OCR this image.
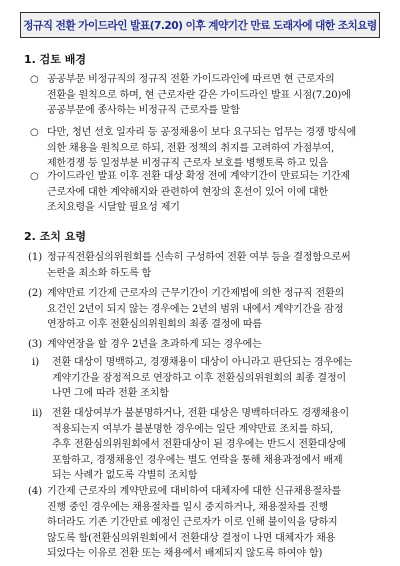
정규직 전환 가이드라인 발표(7.20) 이후 계약기간 만료 도래자에 대한 조치요령
1. 검토 배경
○ 공공부문 비정규직의 정규직 전환 가이드라인에 따르면 현 근로자의
전환을 원칙으로 하며, 현 근로자란 같은 가이드라인 발표 시점(7.20)에
공공부문에 종사하는 비정규직 근로자를 말함
○ 다만, 청년 선호 일자리 등 공정채용이 보다 요구되는 업무는 경쟁 방식에
의한 채용을 원칙으로 하되, 전환 정책의 취지를 고려하여 가점부여,
제한경쟁 등 일정부분 비정규직 근로자 보호를 병행토록 하고 있음
○ 가이드라인 발표 이후 전환 대상 확정 전에 계약기간이 만료되는 기간제
근로자에 대한 계약해지와 관련하여 현장의 혼선이 있어 이에 대한
조치요령을 시달할 필요성 제기
2. 조치 요령
(1) 정규직전환심의위원회를 신속히 구성하여 전환 여부 등을 결정함으로써
논란을 최소화 하도록 함
(2) 계약만료 기간제 근로자의 근무기간이 기간제법에 의한 정규직 전환의
요건인 2년이 되지 않는 경우에는 2년의 범위 내에서 계약기간을 잠정
연장하고 이후 전환심의위원회의 최종 결정에 따름
(3) 계약연장을 할 경우 2년을 초과하게 되는 경우에는
ⅰ) 전환 대상이 명백하고, 경쟁채용이 대상이 아니라고 판단되는 경우에는
계약기간을 잠정적으로 연장하고 이후 전환심의위원회의 최종 결정이
나면 그에 따라 전환 조치함
ⅱ) 전환 대상여부가 불분명하거나, 전환 대상은 명백하더라도 경쟁채용이
적용되는지 여부가 불분명한 경우에는 일단 계약만료 조치를 하되,
추후 전환심의위원회에서 전환대상이 된 경우에는 반드시 전환대상에
포함하고, 경쟁채용인 경우에는 별도 연락을 통해 채용과정에서 배제
되는 사례가 없도록 각별히 조치함
(4) 기간제 근로자의 계약만료에 대비하여 대체자에 대한 신규채용절차를
진행 중인 경우에는 채용절차를 일시 중지하거나, 채용절차를 진행
하더라도 기존 기간만료 예정인 근로자가 이로 인해 불이익을 당하지
않도록 함(전환심의위원회에서 전환대상 결정이 나면 대체자가 채용
되었다는 이유로 전환 또는 채용에서 배제되지 않도록 하여야 함)
